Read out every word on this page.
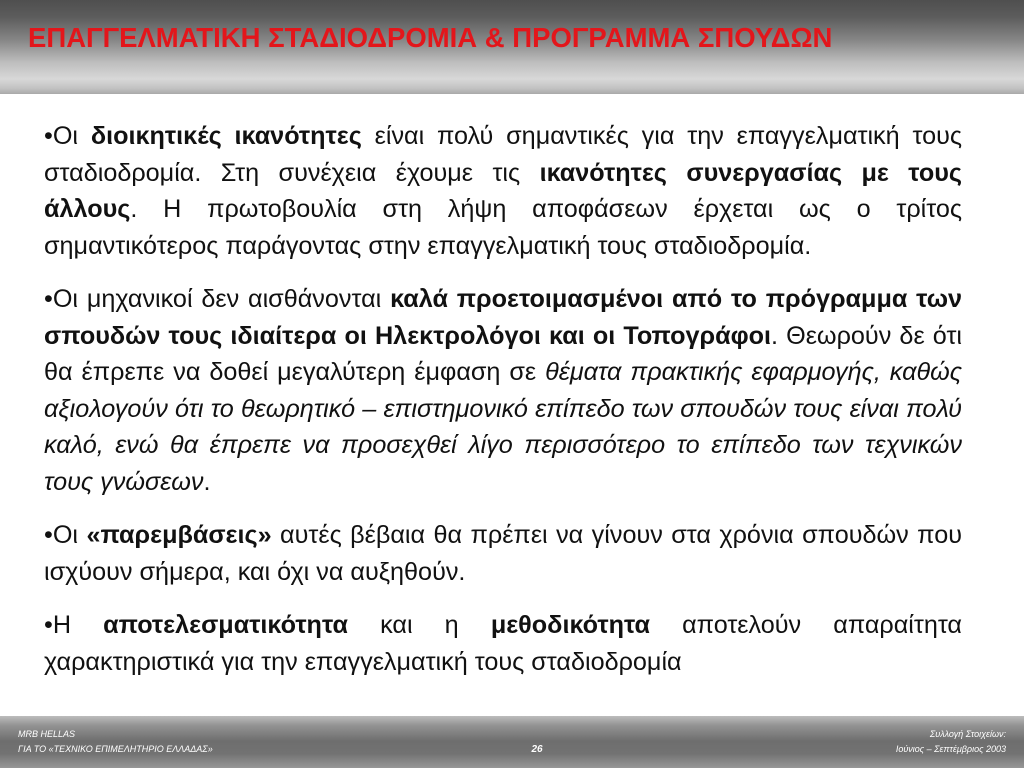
ΕΠΑΓΓΕΛΜΑΤΙΚΗ ΣΤΑΔΙΟΔΡΟΜΙΑ & ΠΡΟΓΡΑΜΜΑ ΣΠΟΥΔΩΝ

•Οι διοικητικές ικανότητες είναι πολύ σημαντικές για την επαγγελματική τους σταδιοδρομία. Στη συνέχεια έχουμε τις ικανότητες συνεργασίας με τους άλλους. Η πρωτοβουλία στη λήψη αποφάσεων έρχεται ως ο τρίτος σημαντικότερος παράγοντας στην επαγγελματική τους σταδιοδρομία.

•Οι μηχανικοί δεν αισθάνονται καλά προετοιμασμένοι από το πρόγραμμα των σπουδών τους ιδιαίτερα οι Ηλεκτρολόγοι και οι Τοπογράφοι. Θεωρούν δε ότι θα έπρεπε να δοθεί μεγαλύτερη έμφαση σε θέματα πρακτικής εφαρμογής, καθώς αξιολογούν ότι το θεωρητικό – επιστημονικό επίπεδο των σπουδών τους είναι πολύ καλό, ενώ θα έπρεπε να προσεχθεί λίγο περισσότερο το επίπεδο των τεχνικών τους γνώσεων.

•Οι «παρεμβάσεις» αυτές βέβαια θα πρέπει να γίνουν στα χρόνια σπουδών που ισχύουν σήμερα, και όχι να αυξηθούν.

•Η αποτελεσματικότητα και η μεθοδικότητα αποτελούν απαραίτητα χαρακτηριστικά για την επαγγελματική τους σταδιοδρομία

MRB HELLAS
ΓΙΑ ΤΟ «ΤΕΧΝΙΚΟ ΕΠΙΜΕΛΗΤΗΡΙΟ ΕΛΛΑΔΑΣ»	26
Συλλογή Στοιχείων:
Ιούνιος – Σεπτέμβριος 2003
